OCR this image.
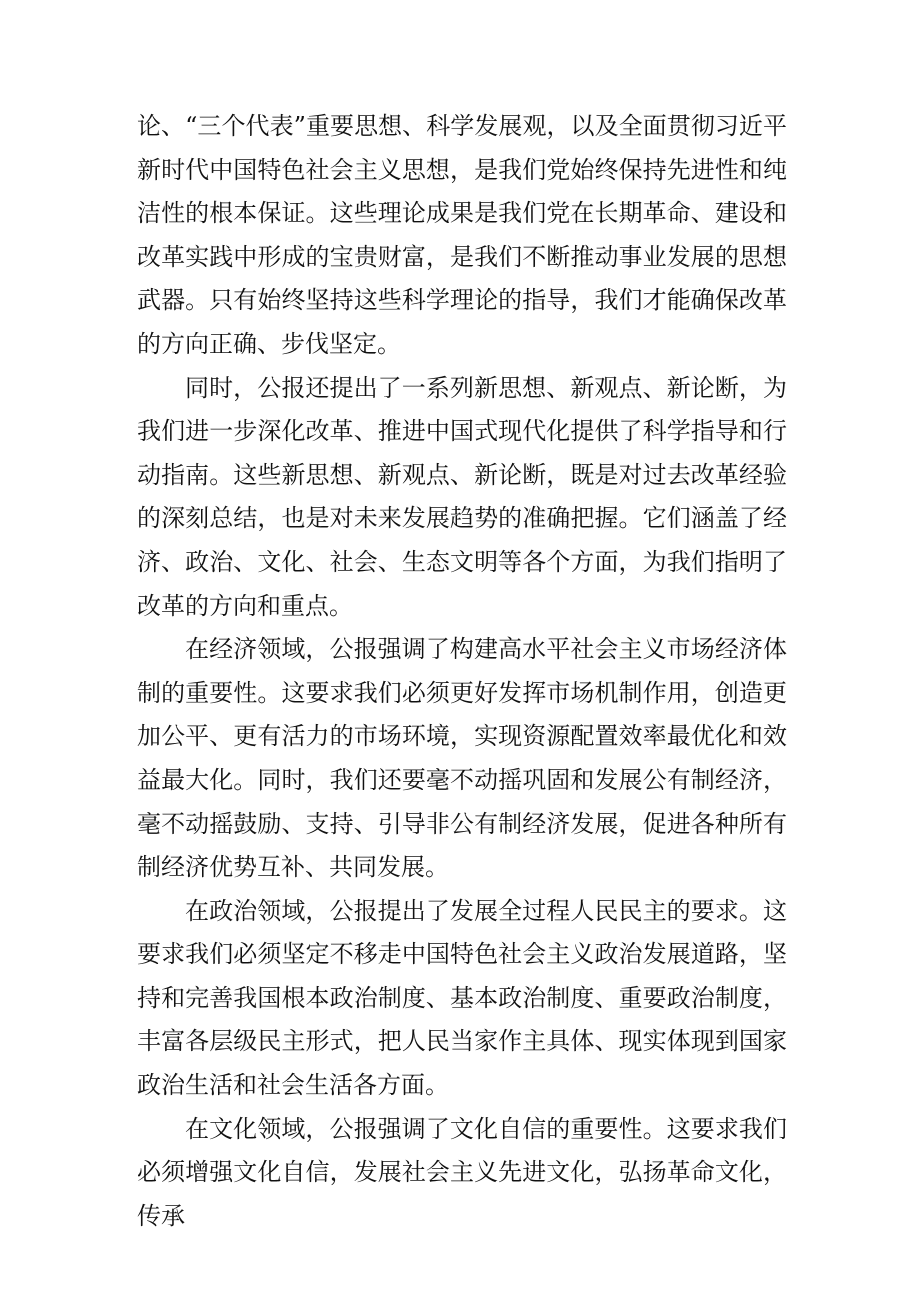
论、“三个代表”重要思想、科学发展观，以及全面贯彻习近平新时代中国特色社会主义思想，是我们党始终保持先进性和纯洁性的根本保证。这些理论成果是我们党在长期革命、建设和改革实践中形成的宝贵财富，是我们不断推动事业发展的思想武器。只有始终坚持这些科学理论的指导，我们才能确保改革的方向正确、步伐坚定。

同时，公报还提出了一系列新思想、新观点、新论断，为我们进一步深化改革、推进中国式现代化提供了科学指导和行动指南。这些新思想、新观点、新论断，既是对过去改革经验的深刻总结，也是对未来发展趋势的准确把握。它们涵盖了经济、政治、文化、社会、生态文明等各个方面，为我们指明了改革的方向和重点。

在经济领域，公报强调了构建高水平社会主义市场经济体制的重要性。这要求我们必须更好发挥市场机制作用，创造更加公平、更有活力的市场环境，实现资源配置效率最优化和效益最大化。同时，我们还要毫不动摇巩固和发展公有制经济，毫不动摇鼓励、支持、引导非公有制经济发展，促进各种所有制经济优势互补、共同发展。

在政治领域，公报提出了发展全过程人民民主的要求。这要求我们必须坚定不移走中国特色社会主义政治发展道路，坚持和完善我国根本政治制度、基本政治制度、重要政治制度，丰富各层级民主形式，把人民当家作主具体、现实体现到国家政治生活和社会生活各方面。

在文化领域，公报强调了文化自信的重要性。这要求我们必须增强文化自信，发展社会主义先进文化，弘扬革命文化，传承
